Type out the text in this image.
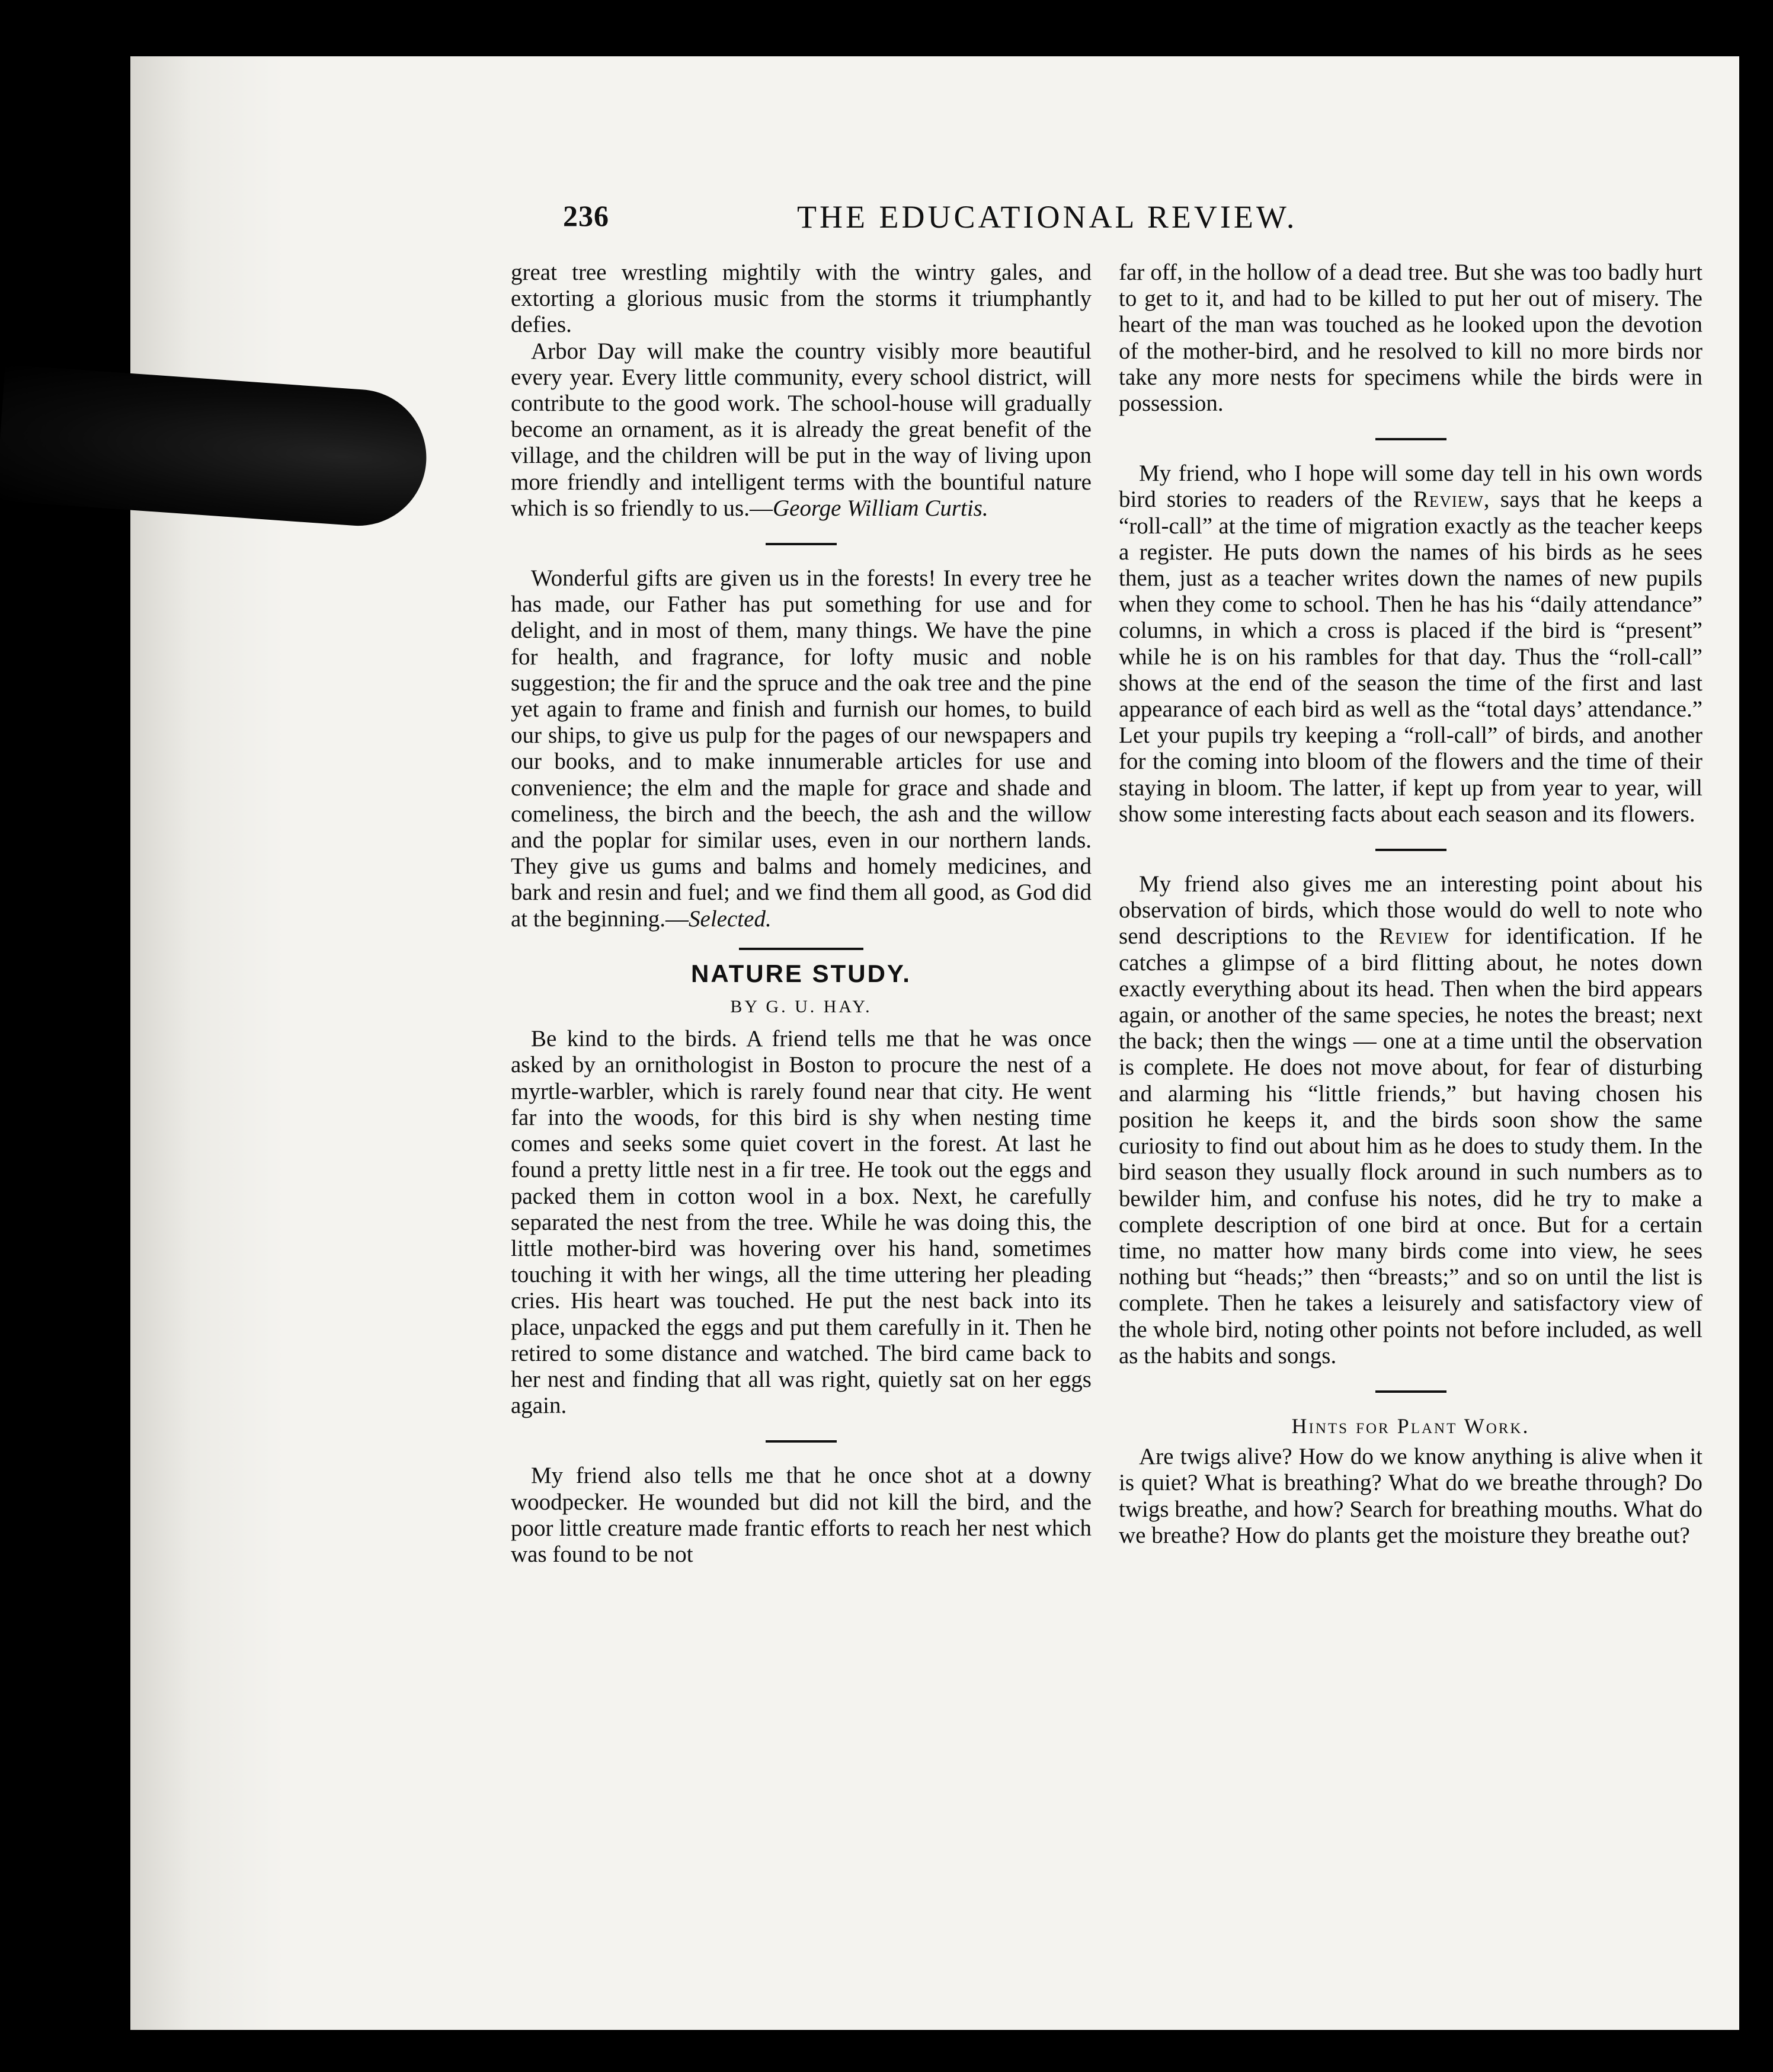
236	THE EDUCATIONAL REVIEW.

great tree wrestling mightily with the wintry gales, and extorting a glorious music from the storms it triumphantly defies.

Arbor Day will make the country visibly more beautiful every year. Every little community, every school district, will contribute to the good work. The school-house will gradually become an ornament, as it is already the great benefit of the village, and the children will be put in the way of living upon more friendly and intelligent terms with the bountiful nature which is so friendly to us.—George William Curtis.

Wonderful gifts are given us in the forests! In every tree he has made, our Father has put something for use and for delight, and in most of them, many things. We have the pine for health, and fragrance, for lofty music and noble suggestion; the fir and the spruce and the oak tree and the pine yet again to frame and finish and furnish our homes, to build our ships, to give us pulp for the pages of our newspapers and our books, and to make innumerable articles for use and convenience; the elm and the maple for grace and shade and comeliness, the birch and the beech, the ash and the willow and the poplar for similar uses, even in our northern lands. They give us gums and balms and homely medicines, and bark and resin and fuel; and we find them all good, as God did at the beginning.—Selected.

NATURE STUDY.
BY G. U. HAY.

Be kind to the birds. A friend tells me that he was once asked by an ornithologist in Boston to procure the nest of a myrtle-warbler, which is rarely found near that city. He went far into the woods, for this bird is shy when nesting time comes and seeks some quiet covert in the forest. At last he found a pretty little nest in a fir tree. He took out the eggs and packed them in cotton wool in a box. Next, he carefully separated the nest from the tree. While he was doing this, the little mother-bird was hovering over his hand, sometimes touching it with her wings, all the time uttering her pleading cries. His heart was touched. He put the nest back into its place, unpacked the eggs and put them carefully in it. Then he retired to some distance and watched. The bird came back to her nest and finding that all was right, quietly sat on her eggs again.

My friend also tells me that he once shot at a downy woodpecker. He wounded but did not kill the bird, and the poor little creature made frantic efforts to reach her nest which was found to be not

far off, in the hollow of a dead tree. But she was too badly hurt to get to it, and had to be killed to put her out of misery. The heart of the man was touched as he looked upon the devotion of the mother-bird, and he resolved to kill no more birds nor take any more nests for specimens while the birds were in possession.

My friend, who I hope will some day tell in his own words bird stories to readers of the Review, says that he keeps a “roll-call” at the time of migration exactly as the teacher keeps a register. He puts down the names of his birds as he sees them, just as a teacher writes down the names of new pupils when they come to school. Then he has his “daily attendance” columns, in which a cross is placed if the bird is “present” while he is on his rambles for that day. Thus the “roll-call” shows at the end of the season the time of the first and last appearance of each bird as well as the “total days’ attendance.” Let your pupils try keeping a “roll-call” of birds, and another for the coming into bloom of the flowers and the time of their staying in bloom. The latter, if kept up from year to year, will show some interesting facts about each season and its flowers.

My friend also gives me an interesting point about his observation of birds, which those would do well to note who send descriptions to the Review for identification. If he catches a glimpse of a bird flitting about, he notes down exactly everything about its head. Then when the bird appears again, or another of the same species, he notes the breast; next the back; then the wings — one at a time until the observation is complete. He does not move about, for fear of disturbing and alarming his “little friends,” but having chosen his position he keeps it, and the birds soon show the same curiosity to find out about him as he does to study them. In the bird season they usually flock around in such numbers as to bewilder him, and confuse his notes, did he try to make a complete description of one bird at once. But for a certain time, no matter how many birds come into view, he sees nothing but “heads;” then “breasts;” and so on until the list is complete. Then he takes a leisurely and satisfactory view of the whole bird, noting other points not before included, as well as the habits and songs.

Hints for Plant Work.

Are twigs alive? How do we know anything is alive when it is quiet? What is breathing? What do we breathe through? Do twigs breathe, and how? Search for breathing mouths. What do we breathe? How do plants get the moisture they breathe out?
